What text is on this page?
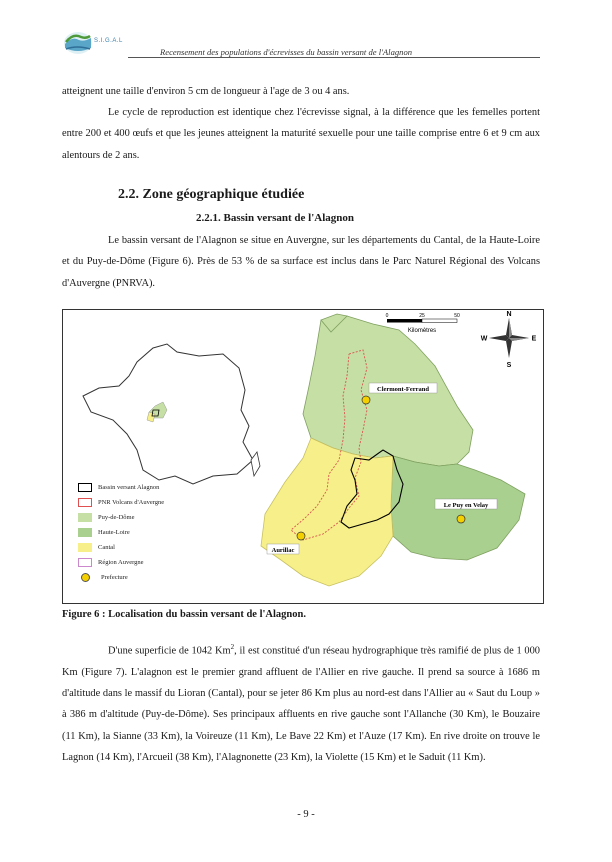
S.I.G.A.L
Recensement des populations d'écrevisses du bassin versant de l'Alagnon

atteignent une taille d'environ 5 cm de longueur à l'age de 3 ou 4 ans.

Le cycle de reproduction est identique chez l'écrevisse signal, à la différence que les femelles portent entre 200 et 400 œufs et que les jeunes atteignent la maturité sexuelle pour une taille comprise entre 6 et 9 cm aux alentours de 2 ans.

2.2. Zone géographique étudiée
2.2.1. Bassin versant de l'Alagnon

Le bassin versant de l'Alagnon se situe en Auvergne, sur les départements du Cantal, de la Haute-Loire et du Puy-de-Dôme (Figure 6). Près de 53 % de sa surface est inclus dans le Parc Naturel Régional des Volcans d'Auvergne (PNRVA).

0	25	50
Kilomètres
N
S
W	E
Clermont-Ferrand
Le Puy en Velay
Aurillac
Bassin versant Alagnon
PNR Volcans d'Auvergne
Puy-de-Dôme
Haute-Loire
Cantal
Région Auvergne
Prefecture
Figure 6 : Localisation du bassin versant de l'Alagnon.

D'une superficie de 1042 Km$^2$, il est constitué d'un réseau hydrographique très ramifié de plus de 1 000 Km (Figure 7). L'alagnon est le premier grand affluent de l'Allier en rive gauche. Il prend sa source à 1686 m d'altitude dans le massif du Lioran (Cantal), pour se jeter 86 Km plus au nord-est dans l'Allier au « Saut du Loup » à 386 m d'altitude (Puy-de-Dôme). Ses principaux affluents en rive gauche sont l'Allanche (30 Km), le Bouzaire (11 Km), la Sianne (33 Km), la Voireuze (11 Km), Le Bave 22 Km) et l'Auze (17 Km). En rive droite on trouve le Lagnon (14 Km), l'Arcueil (38 Km), l'Alagnonette (23 Km), la Violette (15 Km) et le Saduit (11 Km).

- 9 -
